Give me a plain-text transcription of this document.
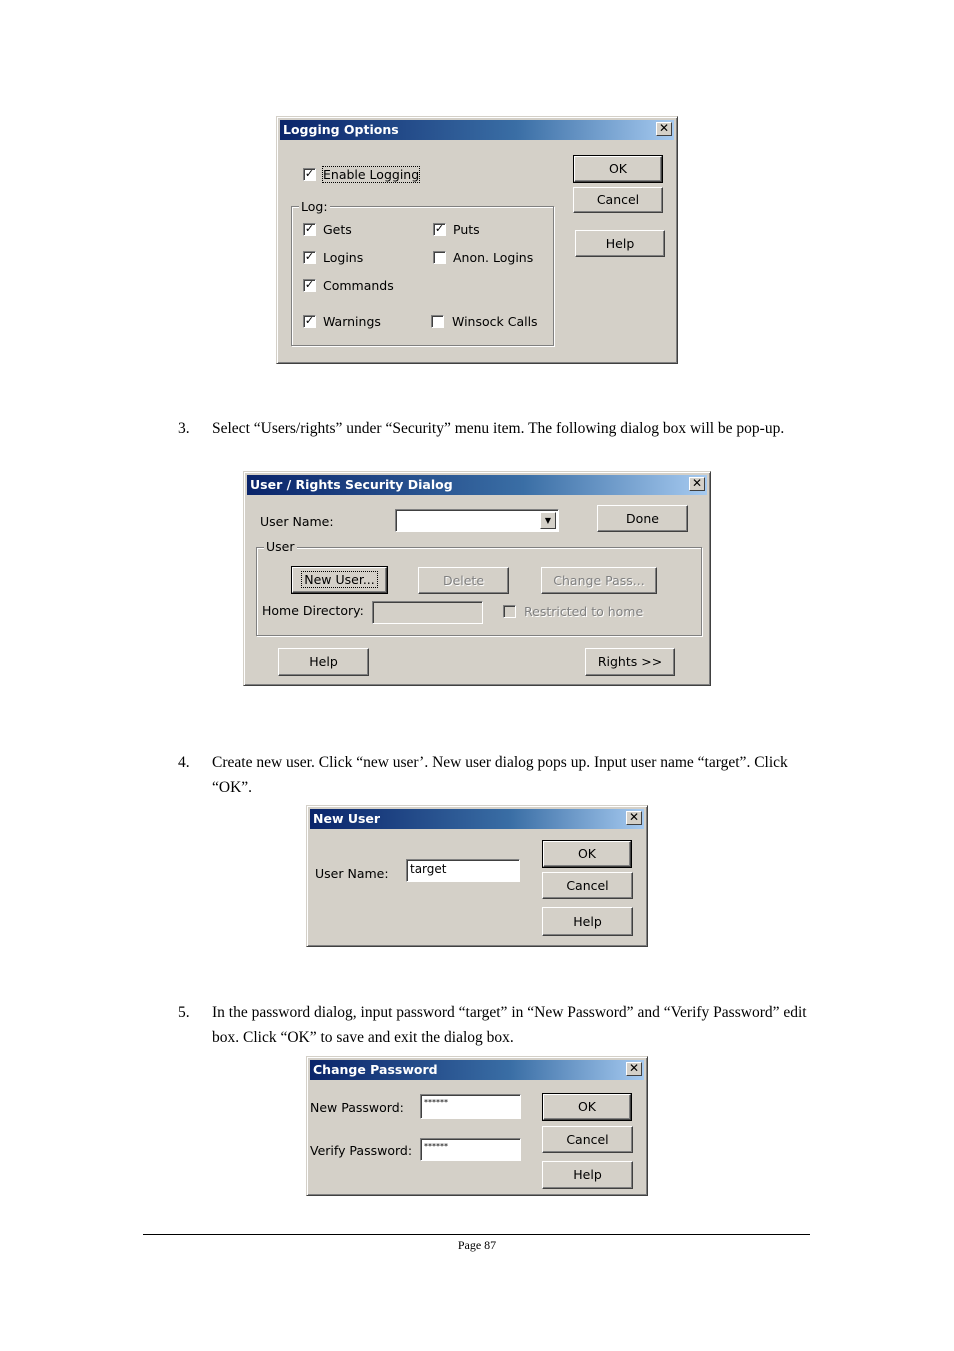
Logging Options	✕
✓ Enable Logging
Log:
✓ Gets	✓ Puts
✓ Logins	Anon. Logins
✓ Commands
✓ Warnings	Winsock Calls
OK
Cancel
Help
3. Select “Users/rights” under “Security” menu item. The following dialog box will be pop-up.
User / Rights Security Dialog	✕
User Name:	▼	Done
User
New User...	Delete	Change Pass...
Home Directory:	Restricted to home
Help	Rights >>
4. Create new user. Click “new user’. New user dialog pops up. Input user name “target”. Click “OK”.
New User	✕
User Name:	target
OK
Cancel
Help
5. In the password dialog, input password “target” in “New Password” and “Verify Password” edit box. Click “OK” to save and exit the dialog box.
Change Password	✕
New Password:	******
Verify Password:	******
OK
Cancel
Help
Page 87
